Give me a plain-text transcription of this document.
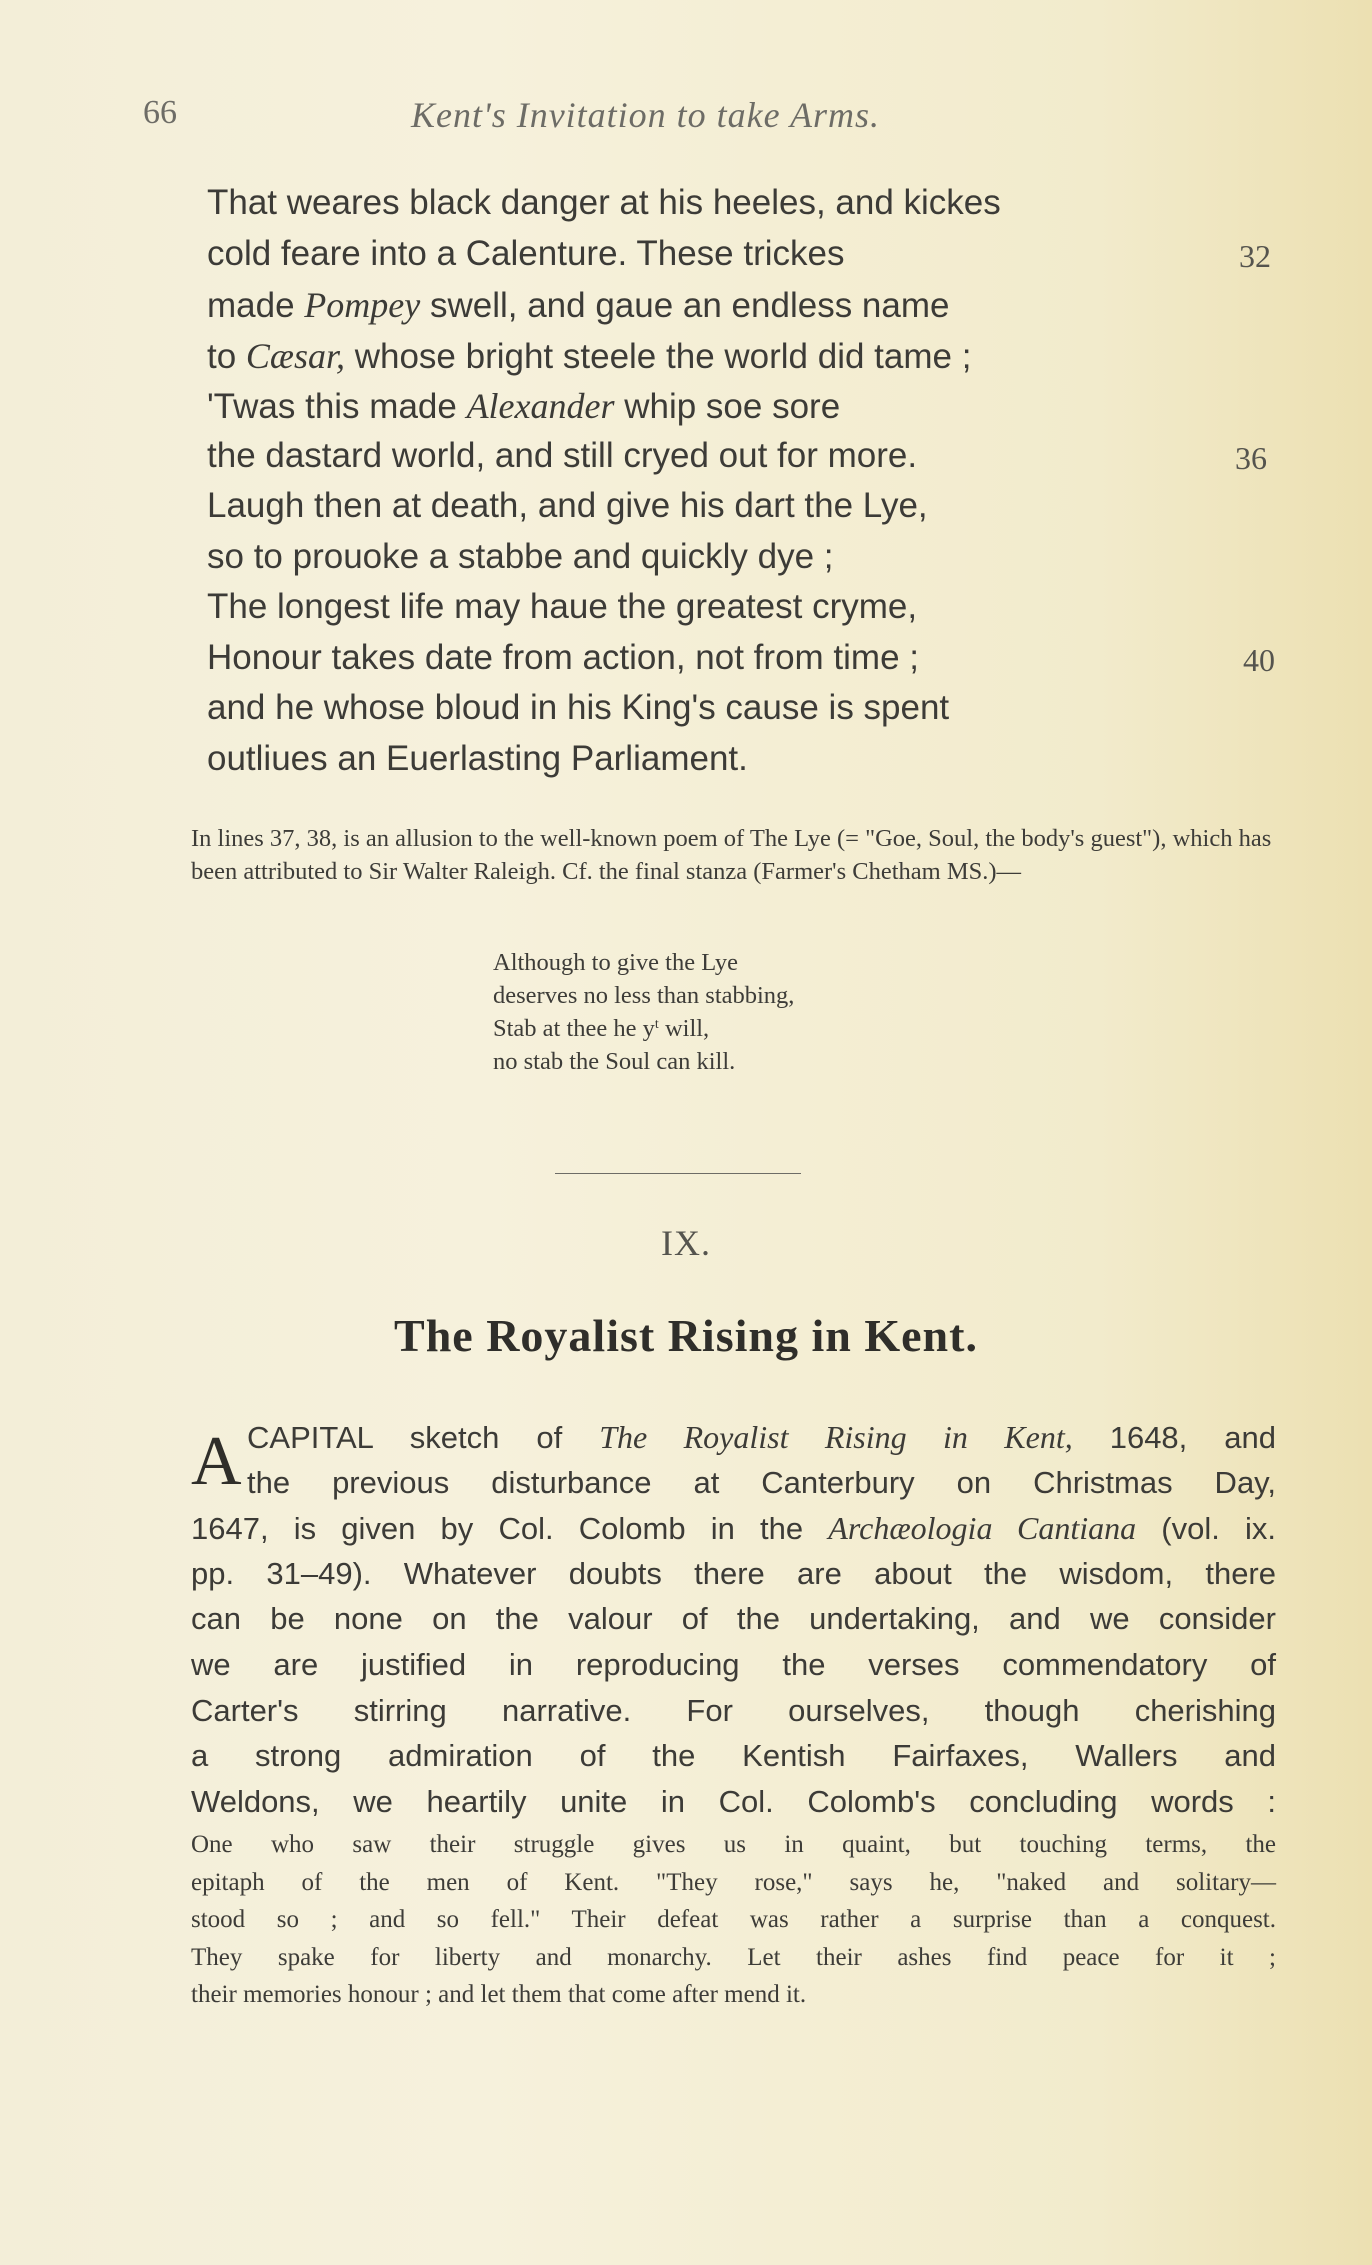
66	Kent's Invitation to take Arms.
That weares black danger at his heeles, and kickes
cold feare into a Calenture. These trickes	32
made Pompey swell, and gaue an endless name
to Cæsar, whose bright steele the world did tame ;
'Twas this made Alexander whip soe sore
the dastard world, and still cryed out for more.	36
Laugh then at death, and give his dart the Lye,
so to prouoke a stabbe and quickly dye ;
The longest life may haue the greatest cryme,
Honour takes date from action, not from time ;	40
and he whose bloud in his King's cause is spent
outliues an Euerlasting Parliament.
In lines 37, 38, is an allusion to the well-known poem of The Lye (= "Goe, Soul, the body's guest"), which has been attributed to Sir Walter Raleigh. Cf. the final stanza (Farmer's Chetham MS.)—
Although to give the Lye
deserves no less than stabbing,
Stab at thee he $y^t$ will,
no stab the Soul can kill.
IX.
The Royalist Rising in Kent.
A CAPITAL sketch of The Royalist Rising in Kent, 1648, and
the previous disturbance at Canterbury on Christmas Day,
1647, is given by Col. Colomb in the Archæologia Cantiana (vol. ix.
pp. 31–49). Whatever doubts there are about the wisdom, there
can be none on the valour of the undertaking, and we consider
we are justified in reproducing the verses commendatory of
Carter's stirring narrative. For ourselves, though cherishing
a strong admiration of the Kentish Fairfaxes, Wallers and
Weldons, we heartily unite in Col. Colomb's concluding words :
One who saw their struggle gives us in quaint, but touching terms, the
epitaph of the men of Kent. "They rose," says he, "naked and solitary—
stood so ; and so fell." Their defeat was rather a surprise than a conquest.
They spake for liberty and monarchy. Let their ashes find peace for it ;
their memories honour ; and let them that come after mend it.
